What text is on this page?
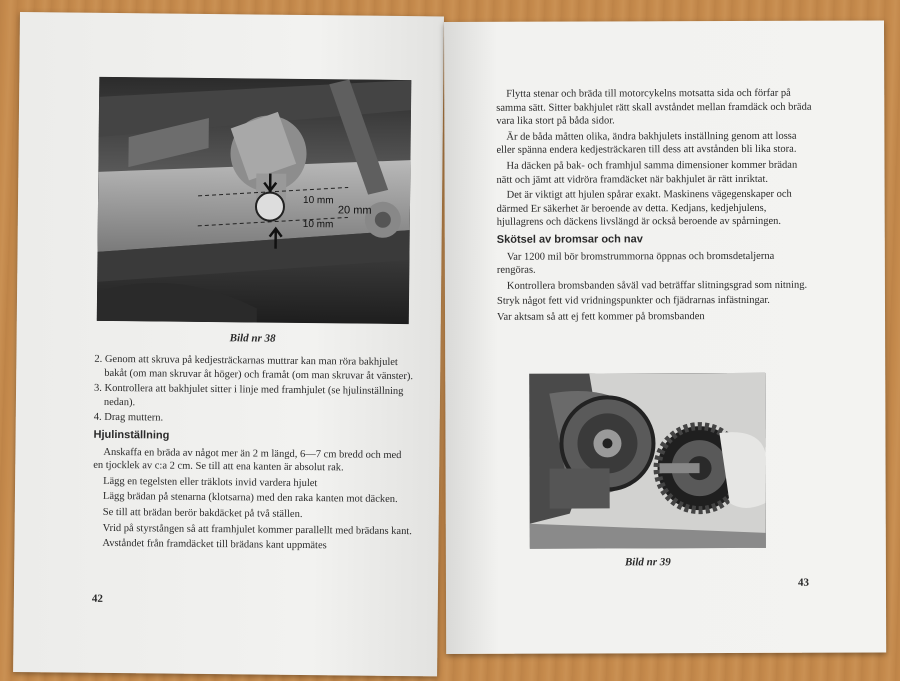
10 mm
20 mm
10 mm
Bild nr 38

2. Genom att skruva på kedjesträckarnas muttrar kan man röra bakhjulet bakåt (om man skruvar åt höger) och framåt (om man skruvar åt vänster).

3. Kontrollera att bakhjulet sitter i linje med framhjulet (se hjulinställning nedan).

4. Drag muttern.

Hjulinställning

Anskaffa en bräda av något mer än 2 m längd, 6—7 cm bredd och med en tjocklek av c:a 2 cm. Se till att ena kanten är absolut rak.

Lägg en tegelsten eller träklots invid vardera hjulet

Lägg brädan på stenarna (klotsarna) med den raka kanten mot däcken.

Se till att brädan berör bakdäcket på två ställen.

Vrid på styrstången så att framhjulet kommer parallellt med brädans kant.

Avståndet från framdäcket till brädans kant uppmätes

42

Flytta stenar och bräda till motorcykelns motsatta sida och förfar på samma sätt. Sitter bakhjulet rätt skall avståndet mellan framdäck och bräda vara lika stort på båda sidor.

Är de båda måtten olika, ändra bakhjulets inställning genom att lossa eller spänna endera kedjesträckaren till dess att avstånden bli lika stora.

Ha däcken på bak- och framhjul samma dimensioner kommer brädan nätt och jämt att vidröra framdäcket när bakhjulet är rätt inriktat.

Det är viktigt att hjulen spårar exakt. Maskinens vägegenskaper och därmed Er säkerhet är beroende av detta. Kedjans, kedjehjulens, hjullagrens och däckens livslängd är också beroende av spårningen.

Skötsel av bromsar och nav

Var 1200 mil bör bromstrummorna öppnas och bromsdetaljerna rengöras.

Kontrollera bromsbanden såväl vad beträffar slitningsgrad som nitning.

Stryk något fett vid vridningspunkter och fjädrarnas infästningar.

Var aktsam så att ej fett kommer på bromsbanden

Bild nr 39
43
